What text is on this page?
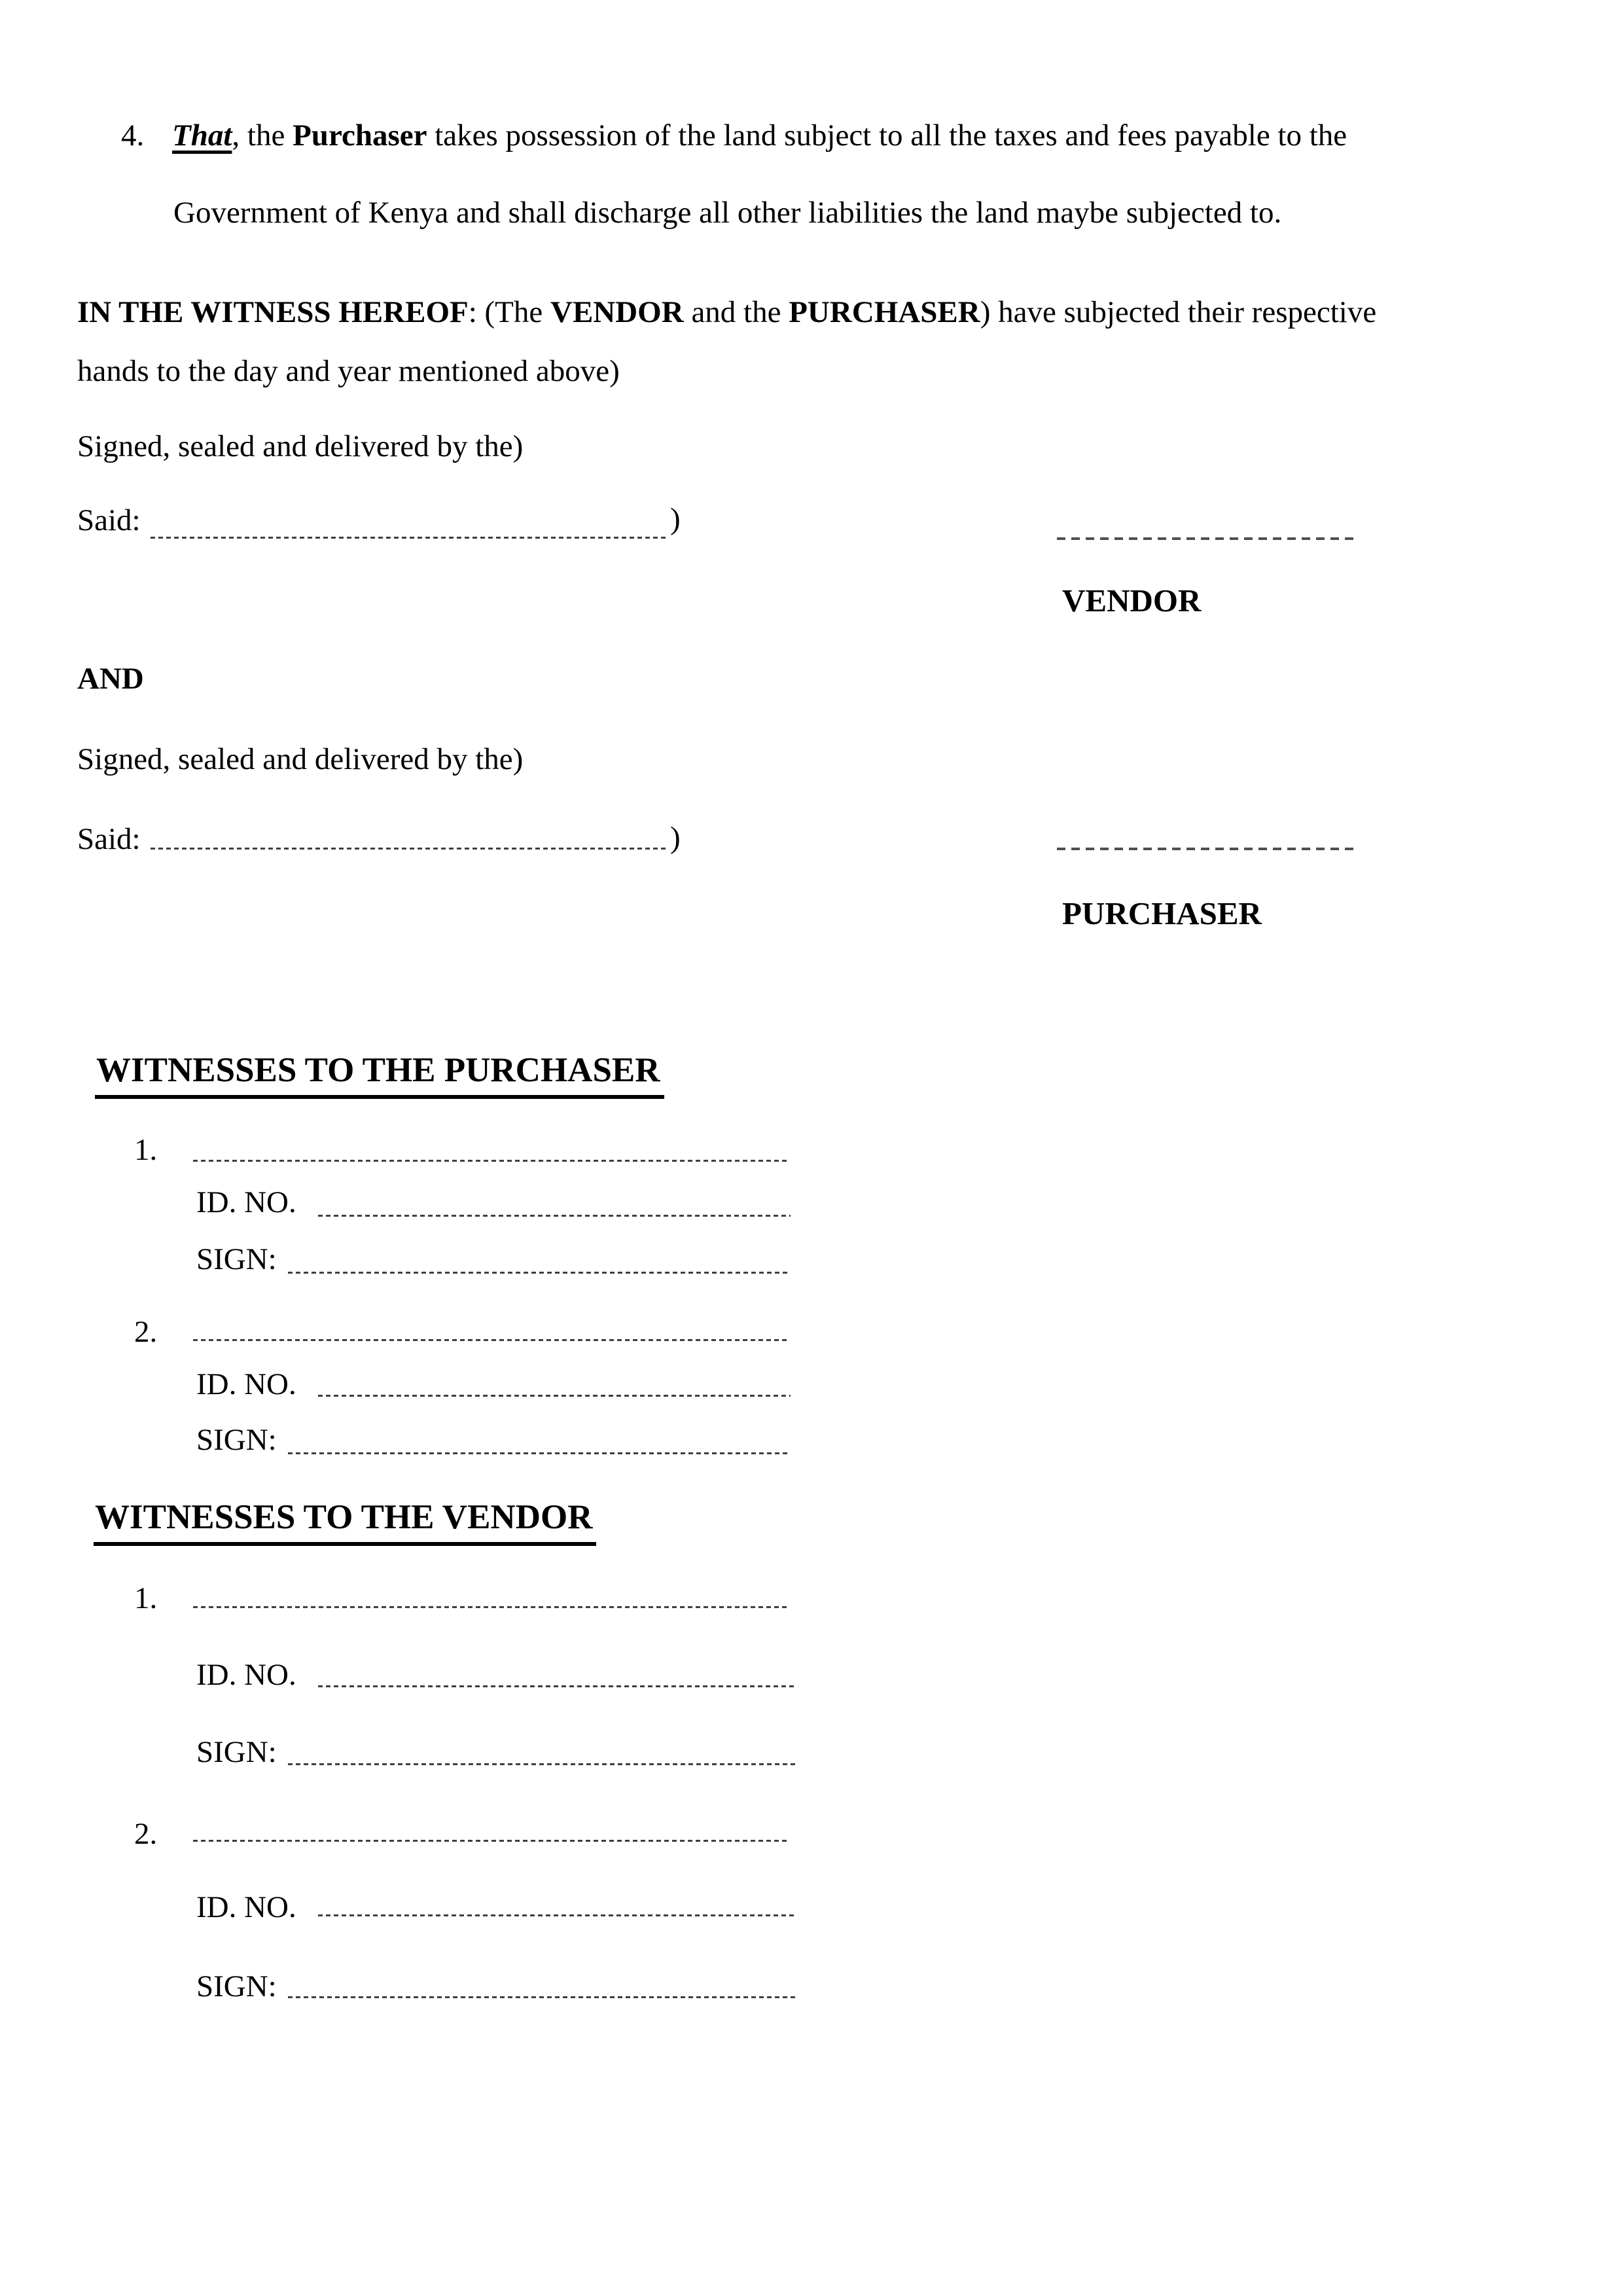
4. That, the Purchaser takes possession of the land subject to all the taxes and fees payable to the
Government of Kenya and shall discharge all other liabilities the land maybe subjected to.
IN THE WITNESS HEREOF: (The VENDOR and the PURCHASER) have subjected their respective
hands to the day and year mentioned above)
Signed, sealed and delivered by the)
Said:	)
VENDOR
AND
Signed, sealed and delivered by the)
Said:	)
PURCHASER
WITNESSES TO THE PURCHASER
1.
ID. NO.
SIGN:
2.
ID. NO.
SIGN:
WITNESSES TO THE VENDOR
1.
ID. NO.
SIGN:
2.
ID. NO.
SIGN:
